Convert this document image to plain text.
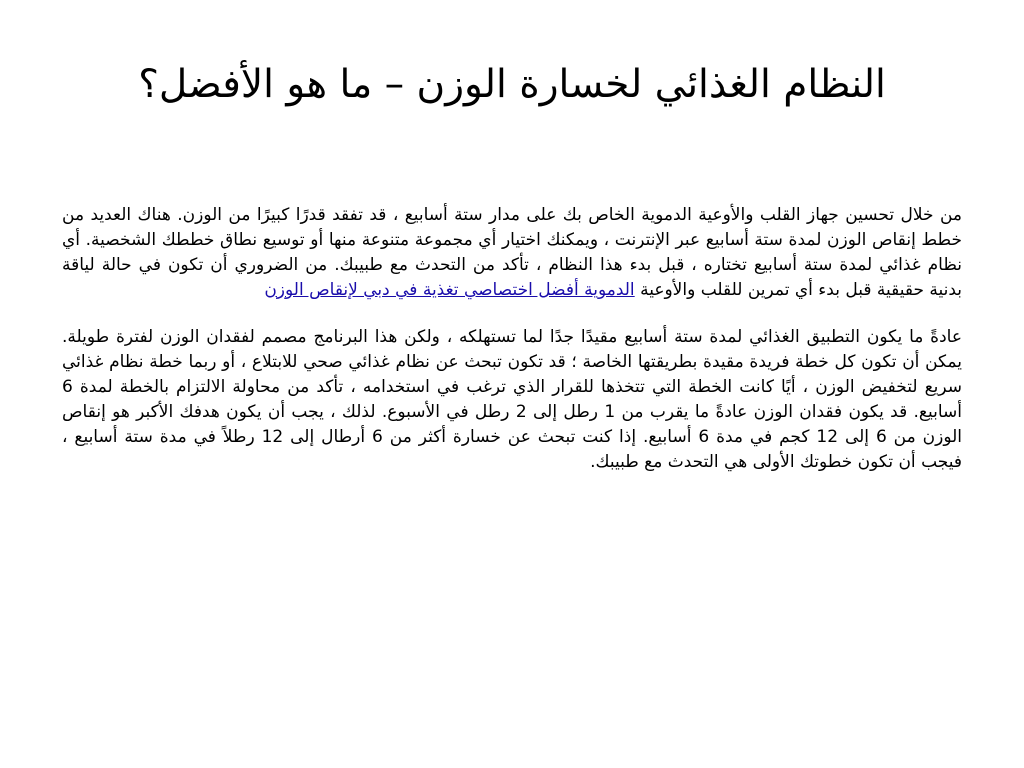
النظام الغذائي لخسارة الوزن – ما هو الأفضل؟

من خلال تحسين جهاز القلب والأوعية الدموية الخاص بك على مدار ستة أسابيع ، قد تفقد قدرًا كبيرًا من الوزن. هناك العديد من خطط إنقاص الوزن لمدة ستة أسابيع عبر الإنترنت ، ويمكنك اختيار أي مجموعة متنوعة منها أو توسيع نطاق خططك الشخصية. أي نظام غذائي لمدة ستة أسابيع تختاره ، قبل بدء هذا النظام ، تأكد من التحدث مع طبيبك. من الضروري أن تكون في حالة لياقة بدنية حقيقية قبل بدء أي تمرين للقلب والأوعية الدموية أفضل اختصاصي تغذية في دبي لإنقاص الوزن

عادةً ما يكون التطبيق الغذائي لمدة ستة أسابيع مقيدًا جدًا لما تستهلكه ، ولكن هذا البرنامج مصمم لفقدان الوزن لفترة طويلة. يمكن أن تكون كل خطة فريدة مقيدة بطريقتها الخاصة ؛ قد تكون تبحث عن نظام غذائي صحي للابتلاع ، أو ربما خطة نظام غذائي سريع لتخفيض الوزن ، أيًا كانت الخطة التي تتخذها للقرار الذي ترغب في استخدامه ، تأكد من محاولة الالتزام بالخطة لمدة 6 أسابيع. قد يكون فقدان الوزن عادةً ما يقرب من 1 رطل إلى 2 رطل في الأسبوع. لذلك ، يجب أن يكون هدفك الأكبر هو إنقاص الوزن من 6 إلى 12 كجم في مدة 6 أسابيع. إذا كنت تبحث عن خسارة أكثر من 6 أرطال إلى 12 رطلاً في مدة ستة أسابيع ، فيجب أن تكون خطوتك الأولى هي التحدث مع طبيبك.
